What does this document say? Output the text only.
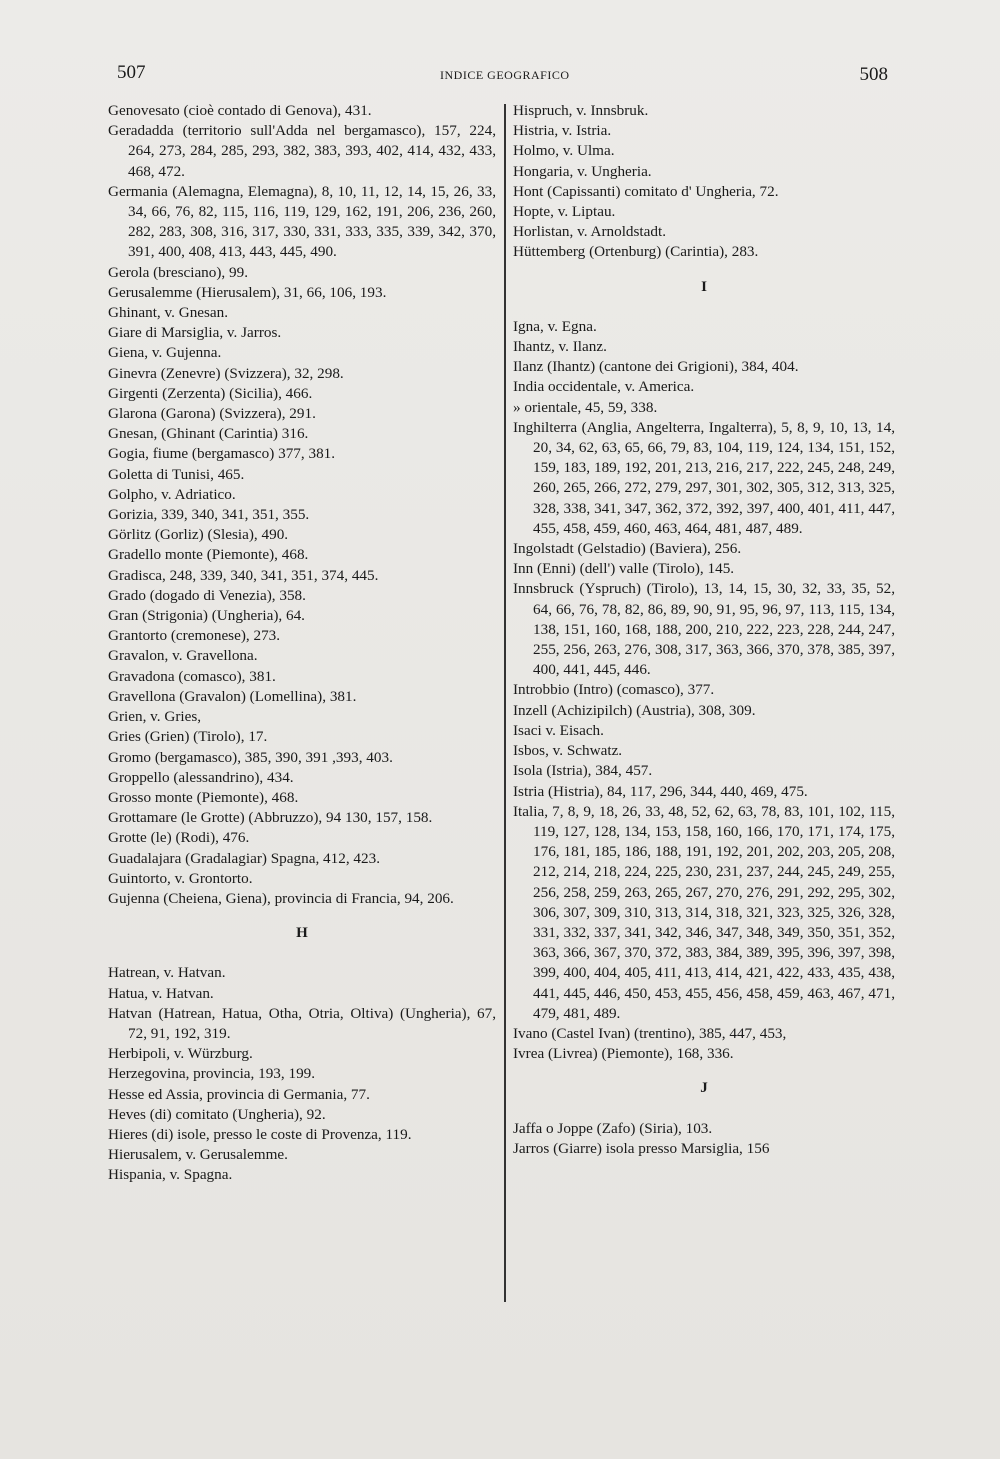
507	INDICE GEOGRAFICO	508

Genovesato (cioè contado di Genova), 431.

Geradadda (territorio sull'Adda nel bergamasco), 157, 224, 264, 273, 284, 285, 293, 382, 383, 393, 402, 414, 432, 433, 468, 472.

Germania (Alemagna, Elemagna), 8, 10, 11, 12, 14, 15, 26, 33, 34, 66, 76, 82, 115, 116, 119, 129, 162, 191, 206, 236, 260, 282, 283, 308, 316, 317, 330, 331, 333, 335, 339, 342, 370, 391, 400, 408, 413, 443, 445, 490.

Gerola (bresciano), 99.

Gerusalemme (Hierusalem), 31, 66, 106, 193.

Ghinant, v. Gnesan.

Giare di Marsiglia, v. Jarros.

Giena, v. Gujenna.

Ginevra (Zenevre) (Svizzera), 32, 298.

Girgenti (Zerzenta) (Sicilia), 466.

Glarona (Garona) (Svizzera), 291.

Gnesan, (Ghinant (Carintia) 316.

Gogia, fiume (bergamasco) 377, 381.

Goletta di Tunisi, 465.

Golpho, v. Adriatico.

Gorizia, 339, 340, 341, 351, 355.

Görlitz (Gorliz) (Slesia), 490.

Gradello monte (Piemonte), 468.

Gradisca, 248, 339, 340, 341, 351, 374, 445.

Grado (dogado di Venezia), 358.

Gran (Strigonia) (Ungheria), 64.

Grantorto (cremonese), 273.

Gravalon, v. Gravellona.

Gravadona (comasco), 381.

Gravellona (Gravalon) (Lomellina), 381.

Grien, v. Gries,

Gries (Grien) (Tirolo), 17.

Gromo (bergamasco), 385, 390, 391 ,393, 403.

Groppello (alessandrino), 434.

Grosso monte (Piemonte), 468.

Grottamare (le Grotte) (Abbruzzo), 94 130, 157, 158.

Grotte (le) (Rodi), 476.

Guadalajara (Gradalagiar) Spagna, 412, 423.

Guintorto, v. Grontorto.

Gujenna (Cheiena, Giena), provincia di Francia, 94, 206.

H

Hatrean, v. Hatvan.

Hatua, v. Hatvan.

Hatvan (Hatrean, Hatua, Otha, Otria, Oltiva) (Ungheria), 67, 72, 91, 192, 319.

Herbipoli, v. Würzburg.

Herzegovina, provincia, 193, 199.

Hesse ed Assia, provincia di Germania, 77.

Heves (di) comitato (Ungheria), 92.

Hieres (di) isole, presso le coste di Provenza, 119.

Hierusalem, v. Gerusalemme.

Hispania, v. Spagna.

Hispruch, v. Innsbruk.

Histria, v. Istria.

Holmo, v. Ulma.

Hongaria, v. Ungheria.

Hont (Capissanti) comitato d' Ungheria, 72.

Hopte, v. Liptau.

Horlistan, v. Arnoldstadt.

Hüttemberg (Ortenburg) (Carintia), 283.

I

Igna, v. Egna.

Ihantz, v. Ilanz.

Ilanz (Ihantz) (cantone dei Grigioni), 384, 404.

India occidentale, v. America.

» orientale, 45, 59, 338.

Inghilterra (Anglia, Angelterra, Ingalterra), 5, 8, 9, 10, 13, 14, 20, 34, 62, 63, 65, 66, 79, 83, 104, 119, 124, 134, 151, 152, 159, 183, 189, 192, 201, 213, 216, 217, 222, 245, 248, 249, 260, 265, 266, 272, 279, 297, 301, 302, 305, 312, 313, 325, 328, 338, 341, 347, 362, 372, 392, 397, 400, 401, 411, 447, 455, 458, 459, 460, 463, 464, 481, 487, 489.

Ingolstadt (Gelstadio) (Baviera), 256.

Inn (Enni) (dell') valle (Tirolo), 145.

Innsbruck (Yspruch) (Tirolo), 13, 14, 15, 30, 32, 33, 35, 52, 64, 66, 76, 78, 82, 86, 89, 90, 91, 95, 96, 97, 113, 115, 134, 138, 151, 160, 168, 188, 200, 210, 222, 223, 228, 244, 247, 255, 256, 263, 276, 308, 317, 363, 366, 370, 378, 385, 397, 400, 441, 445, 446.

Introbbio (Intro) (comasco), 377.

Inzell (Achizipilch) (Austria), 308, 309.

Isaci v. Eisach.

Isbos, v. Schwatz.

Isola (Istria), 384, 457.

Istria (Histria), 84, 117, 296, 344, 440, 469, 475.

Italia, 7, 8, 9, 18, 26, 33, 48, 52, 62, 63, 78, 83, 101, 102, 115, 119, 127, 128, 134, 153, 158, 160, 166, 170, 171, 174, 175, 176, 181, 185, 186, 188, 191, 192, 201, 202, 203, 205, 208, 212, 214, 218, 224, 225, 230, 231, 237, 244, 245, 249, 255, 256, 258, 259, 263, 265, 267, 270, 276, 291, 292, 295, 302, 306, 307, 309, 310, 313, 314, 318, 321, 323, 325, 326, 328, 331, 332, 337, 341, 342, 346, 347, 348, 349, 350, 351, 352, 363, 366, 367, 370, 372, 383, 384, 389, 395, 396, 397, 398, 399, 400, 404, 405, 411, 413, 414, 421, 422, 433, 435, 438, 441, 445, 446, 450, 453, 455, 456, 458, 459, 463, 467, 471, 479, 481, 489.

Ivano (Castel Ivan) (trentino), 385, 447, 453,

Ivrea (Livrea) (Piemonte), 168, 336.

J

Jaffa o Joppe (Zafo) (Siria), 103.

Jarros (Giarre) isola presso Marsiglia, 156
